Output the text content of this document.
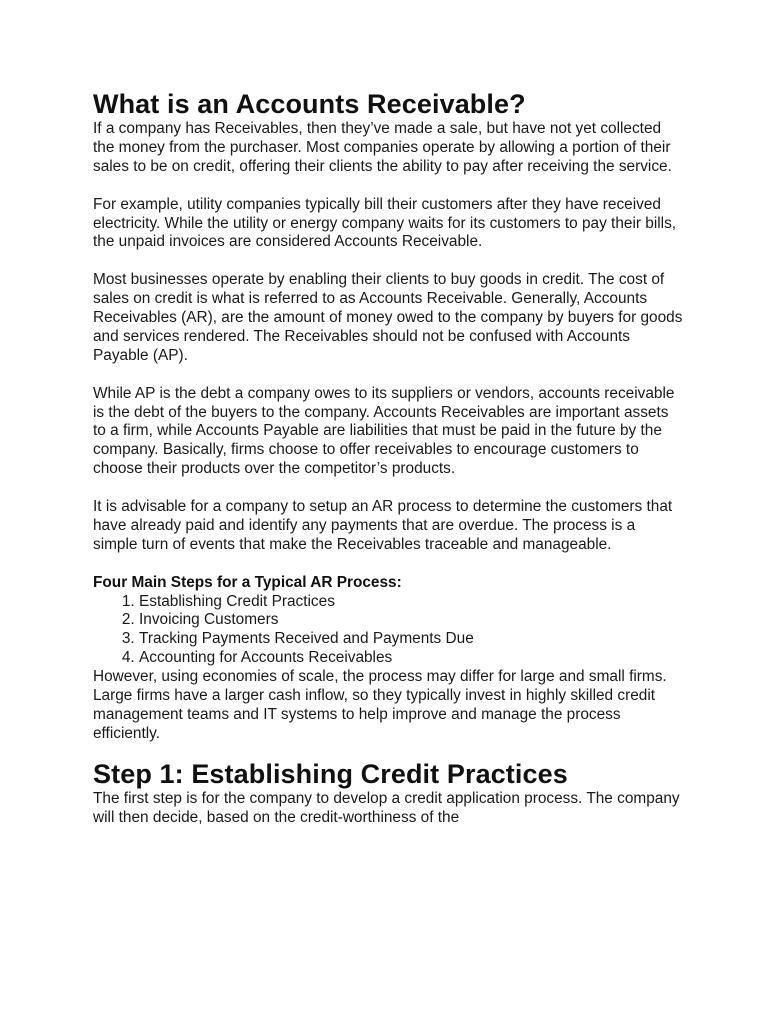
What is an Accounts Receivable?

If a company has Receivables, then they’ve made a sale, but have not yet collected the money from the purchaser. Most companies operate by allowing a portion of their sales to be on credit, offering their clients the ability to pay after receiving the service.

For example, utility companies typically bill their customers after they have received electricity. While the utility or energy company waits for its customers to pay their bills, the unpaid invoices are considered Accounts Receivable.

Most businesses operate by enabling their clients to buy goods in credit. The cost of sales on credit is what is referred to as Accounts Receivable. Generally, Accounts Receivables (AR), are the amount of money owed to the company by buyers for goods and services rendered. The Receivables should not be confused with Accounts Payable (AP).

While AP is the debt a company owes to its suppliers or vendors, accounts receivable is the debt of the buyers to the company. Accounts Receivables are important assets to a firm, while Accounts Payable are liabilities that must be paid in the future by the company. Basically, firms choose to offer receivables to encourage customers to choose their products over the competitor’s products.

It is advisable for a company to setup an AR process to determine the customers that have already paid and identify any payments that are overdue. The process is a simple turn of events that make the Receivables traceable and manageable.

Four Main Steps for a Typical AR Process:

1. Establishing Credit Practices
2. Invoicing Customers
3. Tracking Payments Received and Payments Due
4. Accounting for Accounts Receivables

However, using economies of scale, the process may differ for large and small firms. Large firms have a larger cash inflow, so they typically invest in highly skilled credit management teams and IT systems to help improve and manage the process efficiently.

Step 1: Establishing Credit Practices

The first step is for the company to develop a credit application process. The company will then decide, based on the credit-worthiness of the
